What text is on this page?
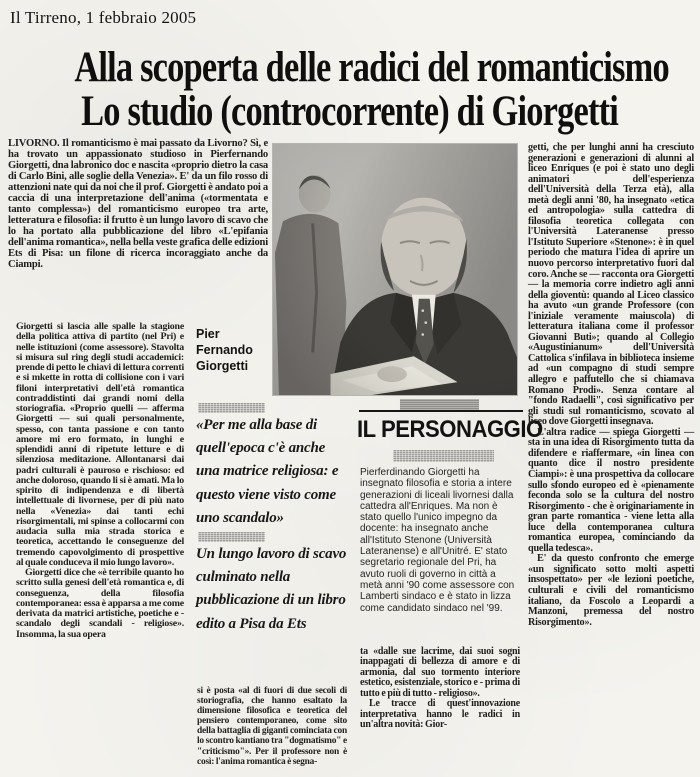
Il Tirreno, 1 febbraio 2005
Alla scoperta delle radici del romanticismo
Lo studio (controcorrente) di Giorgetti

LIVORNO. Il romanticismo è mai passato da Livorno? Sì, e ha trovato un appassionato studioso in Pierfernando Giorgetti, dna labronico doc e nascita «proprio dietro la casa di Carlo Bini, alle soglie della Venezia». E' da un filo rosso di attenzioni nate qui da noi che il prof. Giorgetti è andato poi a caccia di una interpretazione dell'anima («tormentata e tanto complessa») del romanticismo europeo tra arte, letteratura e filosofia: il frutto è un lungo lavoro di scavo che lo ha portato alla pubblicazione del libro «L'epifania dell'anima romantica», nella bella veste grafica delle edizioni Ets di Pisa: un filone di ricerca incoraggiato anche da Ciampi.

Pier
Fernando
Giorgetti

Giorgetti si lascia alle spalle la stagione della politica attiva di partito (nel Pri) e nelle istituzioni (come assessore). Stavolta si misura sul ring degli studi accademici: prende di petto le chiavi di lettura correnti e si mkette in rotta di collisione con i vari filoni interpretativi dell'età romantica contraddistinti dai grandi nomi della storiografia. «Proprio quelli — afferma Giorgetti — sui quali personalmente, spesso, con tanta passione e con tanto amore mi ero formato, in lunghi e splendidi anni di ripetute letture e di silenziosa meditazione. Allontanarsi dai padri culturali è pauroso e rischioso: ed anche doloroso, quando li si è amati. Ma lo spirito di indipendenza e di libertà intellettuale di livornese, per di più nato nella «Venezia» dai tanti echi risorgimentali, mi spinse a collocarmi con audacia sulla mia strada storica e teoretica, accettando le conseguenze del tremendo capovolgimento di prospettive al quale conduceva il mio lungo lavoro».

Giorgetti dice che «è terribile quanto ho scritto sulla genesi dell'età romantica e, di conseguenza, della filosofia contemporanea: essa è apparsa a me come derivata da matrici artistiche, poetiche e - scandalo degli scandali - religiose». Insomma, la sua opera

«Per me alla base di quell'epoca c'è anche una matrice religiosa: e questo viene visto come uno scandalo»

Un lungo lavoro di scavo culminato nella pubblicazione di un libro edito a Pisa da Ets

si è posta «al di fuori di due secoli di storiografia, che hanno esaltato la dimensione filosofica e teoretica del pensiero contemporaneo, come sito della battaglia di giganti cominciata con lo scontro kantiano tra "dogmatismo" e "criticismo"». Per il professore non è così: l'anima romantica è segna-

IL PERSONAGGIO

Pierferdinando Giorgetti ha insegnato filosofia e storia a intere generazioni di liceali livornesi dalla cattedra all'Enriques. Ma non è stato quello l'unico impegno da docente: ha insegnato anche all'Istituto Stenone (Università Lateranense) e all'Unitré. E' stato segretario regionale del Pri, ha avuto ruoli di governo in città a metà anni '90 come assessore con Lamberti sindaco e è stato in lizza come candidato sindaco nel '99.

ta «dalle sue lacrime, dai suoi sogni inappagati di bellezza di amore e di armonia, dal suo tormento interiore estetico, esistenziale, storico e - prima di tutto e più di tutto - religioso».

Le tracce di quest'innovazione interpretativa hanno le radici in un'altra novità: Gior-

getti, che per lunghi anni ha cresciuto generazioni e generazioni di alunni al liceo Enriques (e poi è stato uno degli animatori dell'esperienza dell'Università della Terza età), alla metà degli anni '80, ha insegnato «etica ed antropologia» sulla cattedra di filosofia teoretica collegata con l'Università Lateranense presso l'Istituto Superiore «Stenone»: è in quel periodo che matura l'idea di aprire un nuovo percorso interpretativo fuori dal coro. Anche se — racconta ora Giorgetti — la memoria corre indietro agli anni della gioventù: quando al Liceo classico ha avuto «un grande Professore (con l'iniziale veramente maiuscola) di letteratura italiana come il professor Giovanni Buti»; quando al Collegio «Augustinianum» dell'Università Cattolica s'infilava in biblioteca insieme ad «un compagno di studi sempre allegro e paffutello che si chiamava Romano Prodi». Senza contare al "fondo Radaelli", così significativo per gli studi sul romanticismo, scovato al liceo dove Giorgetti insegnava.

L'altra radice — spiega Giorgetti — sta in una idea di Risorgimento tutta da difendere e riaffermare, «in linea con quanto dice il nostro presidente Ciampi»: è una prospettiva da collocare sullo sfondo europeo ed è «pienamente feconda solo se la cultura del nostro Risorgimento - che è originariamente in gran parte romantica - viene letta alla luce della contemporanea cultura romantica europea, cominciando da quella tedesca».

E' da questo confronto che emerge «un significato sotto molti aspetti insospettato» per «le lezioni poetiche, culturali e civili del romanticismo italiano, da Foscolo a Leopardi a Manzoni, premessa del nostro Risorgimento».
